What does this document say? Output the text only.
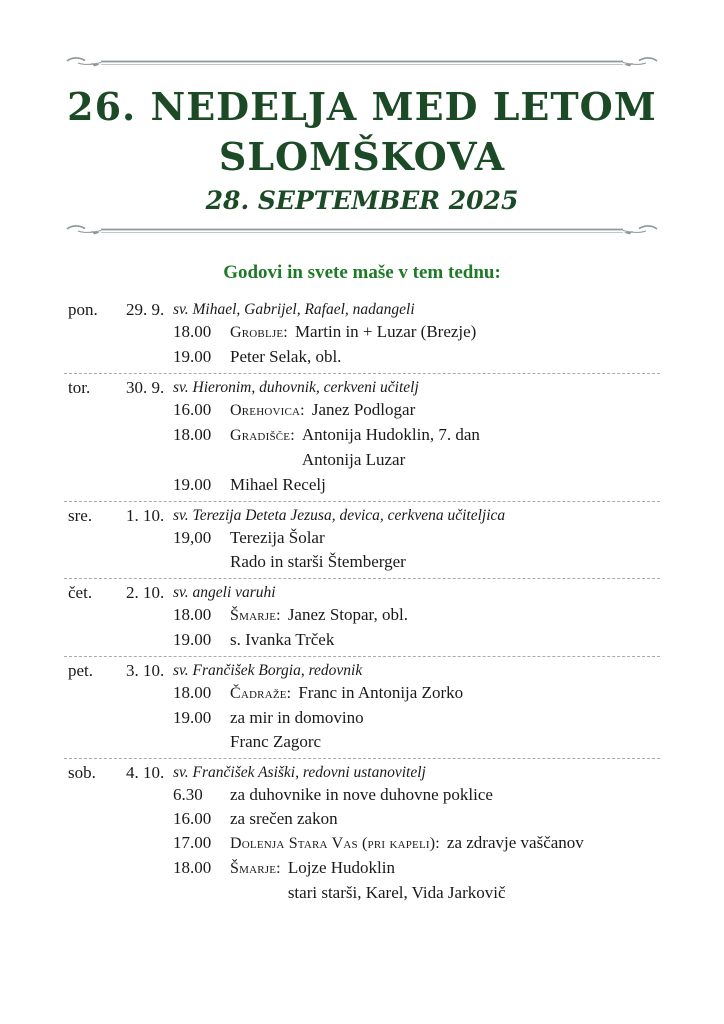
26. NEDELJA MED LETOM
SLOMŠKOVA
28. SEPTEMBER 2025
Godovi in svete maše v tem tednu:
pon.	29. 9. sv. Mihael, Gabrijel, Rafael, nadangeli
18.00 Groblje: Martin in + Luzar (Brezje)
19.00 Peter Selak, obl.
tor.	30. 9. sv. Hieronim, duhovnik, cerkveni učitelj
16.00 Orehovica: Janez Podlogar
18.00 Gradišče: Antonija Hudoklin, 7. dan
Antonija Luzar
19.00 Mihael Recelj
sre.	1. 10. sv. Terezija Deteta Jezusa, devica, cerkvena učiteljica
19,00 Terezija Šolar
Rado in starši Štemberger
čet.	2. 10. sv. angeli varuhi
18.00 Šmarje: Janez Stopar, obl.
19.00 s. Ivanka Trček
pet.	3. 10. sv. Frančišek Borgia, redovnik
18.00 Čadraže: Franc in Antonija Zorko
19.00 za mir in domovino
Franc Zagorc
sob.	4. 10. sv. Frančišek Asiški, redovni ustanovitelj
6.30 za duhovnike in nove duhovne poklice
16.00 za srečen zakon
17.00 Dolenja Stara Vas (pri kapeli): za zdravje vaščanov
18.00 Šmarje: Lojze Hudoklin
stari starši, Karel, Vida Jarkovič
